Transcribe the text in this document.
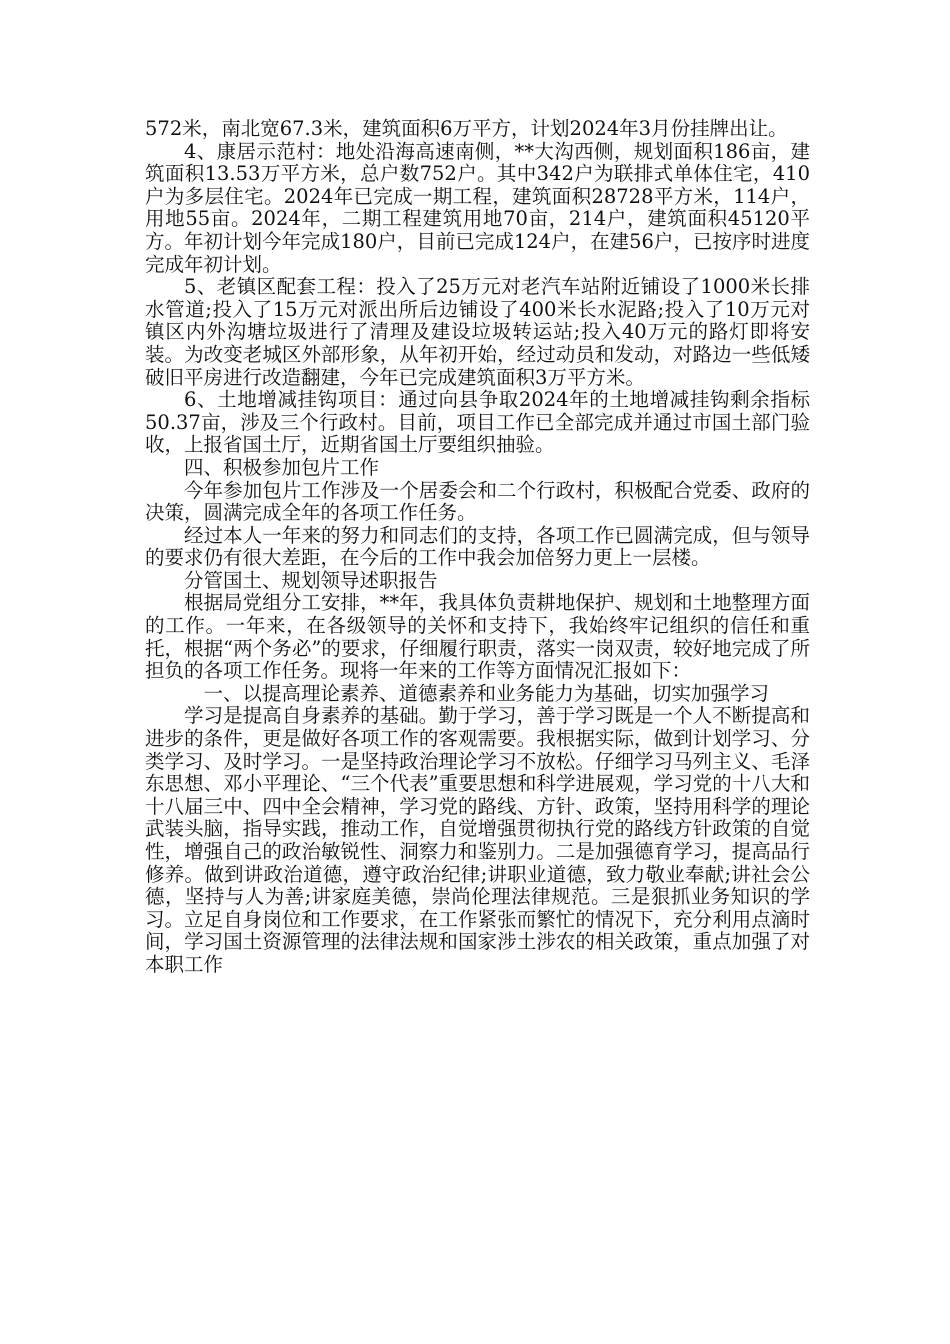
572米，南北宽67.3米，建筑面积6万平方，计划2024年3月份挂牌出让。

4、康居示范村：地处沿海高速南侧，**大沟西侧，规划面积186亩，建筑面积13.53万平方米，总户数752户。其中342户为联排式单体住宅，410户为多层住宅。2024年已完成一期工程，建筑面积28728平方米，114户，用地55亩。2024年，二期工程建筑用地70亩，214户，建筑面积45120平方。年初计划今年完成180户，目前已完成124户，在建56户，已按序时进度完成年初计划。

5、老镇区配套工程：投入了25万元对老汽车站附近铺设了1000米长排水管道;投入了15万元对派出所后边铺设了400米长水泥路;投入了10万元对镇区内外沟塘垃圾进行了清理及建设垃圾转运站;投入40万元的路灯即将安装。为改变老城区外部形象，从年初开始，经过动员和发动，对路边一些低矮破旧平房进行改造翻建，今年已完成建筑面积3万平方米。

6、土地增减挂钩项目：通过向县争取2024年的土地增减挂钩剩余指标50.37亩，涉及三个行政村。目前，项目工作已全部完成并通过市国土部门验收，上报省国土厅，近期省国土厅要组织抽验。

四、积极参加包片工作

今年参加包片工作涉及一个居委会和二个行政村，积极配合党委、政府的决策，圆满完成全年的各项工作任务。

经过本人一年来的努力和同志们的支持，各项工作已圆满完成，但与领导的要求仍有很大差距，在今后的工作中我会加倍努力更上一层楼。

分管国土、规划领导述职报告

根据局党组分工安排，**年，我具体负责耕地保护、规划和土地整理方面的工作。一年来，在各级领导的关怀和支持下，我始终牢记组织的信任和重托，根据“两个务必”的要求，仔细履行职责，落实一岗双责，较好地完成了所担负的各项工作任务。现将一年来的工作等方面情况汇报如下：

一、以提高理论素养、道德素养和业务能力为基础，切实加强学习

学习是提高自身素养的基础。勤于学习，善于学习既是一个人不断提高和进步的条件，更是做好各项工作的客观需要。我根据实际，做到计划学习、分类学习、及时学习。一是坚持政治理论学习不放松。仔细学习马列主义、毛泽东思想、邓小平理论、“三个代表”重要思想和科学进展观，学习党的十八大和十八届三中、四中全会精神，学习党的路线、方针、政策，坚持用科学的理论武装头脑，指导实践，推动工作，自觉增强贯彻执行党的路线方针政策的自觉性，增强自己的政治敏锐性、洞察力和鉴别力。二是加强德育学习，提高品行修养。做到讲政治道德，遵守政治纪律;讲职业道德，致力敬业奉献;讲社会公德，坚持与人为善;讲家庭美德，崇尚伦理法律规范。三是狠抓业务知识的学习。立足自身岗位和工作要求，在工作紧张而繁忙的情况下，充分利用点滴时间，学习国土资源管理的法律法规和国家涉土涉农的相关政策，重点加强了对本职工作
